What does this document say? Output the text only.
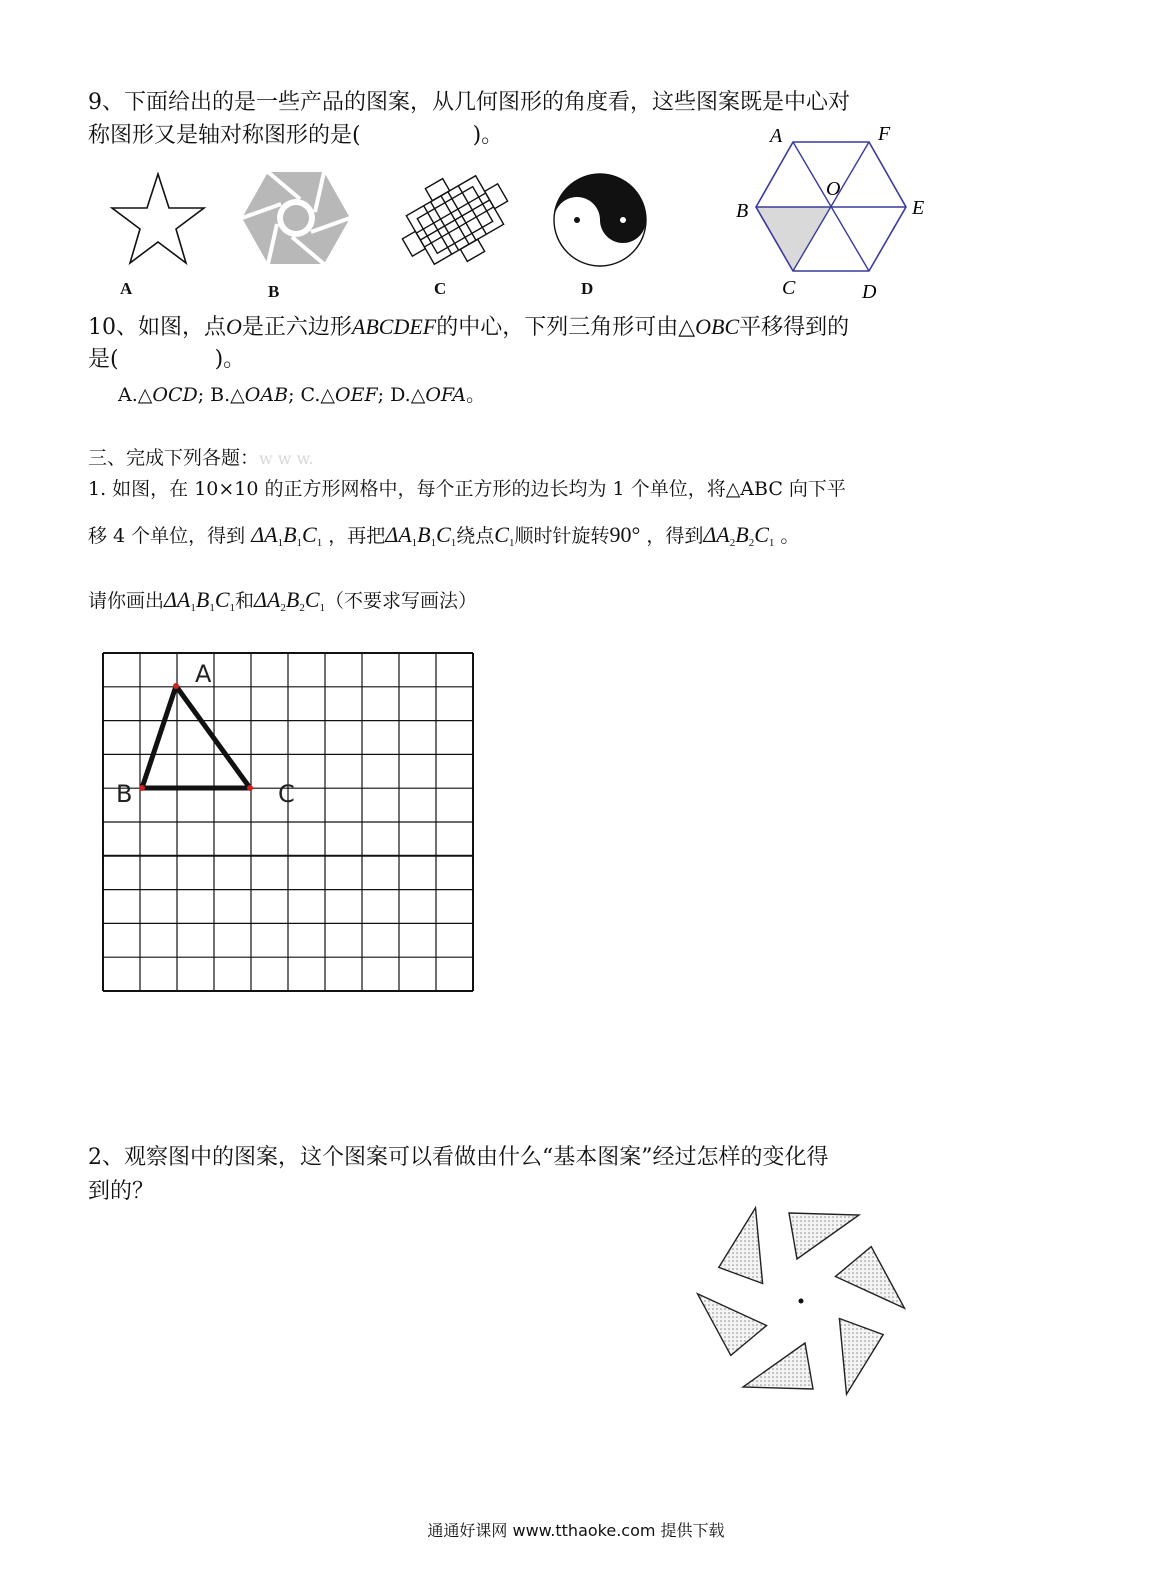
9、下面给出的是一些产品的图案，从几何图形的角度看，这些图案既是中心对
称图形又是轴对称图形的是(	)。
A	B	C	D
A	F
O
B	E
C	D
10、如图，点O是正六边形ABCDEF的中心，下列三角形可由△OBC平移得到的
是(	)。
A.△OCD; B.△OAB; C.△OEF; D.△OFA。
三、完成下列各题：w w w.
1. 如图，在 10×10 的正方形网格中，每个正方形的边长均为 1 个单位，将△ABC 向下平
移 4 个单位，得到 $\Delta A_1B_1C_1$ ，再把$\Delta A_1B_1C_1$绕点$C_1$顺时针旋转90° ，得到$\Delta A_2B_2C_1$ 。
请你画出$\Delta A_1B_1C_1$和$\Delta A_2B_2C_1$（不要求写画法）
A
B	C
2、观察图中的图案，这个图案可以看做由什么“基本图案”经过怎样的变化得
到的？
通通好课网 www.tthaoke.com 提供下载
